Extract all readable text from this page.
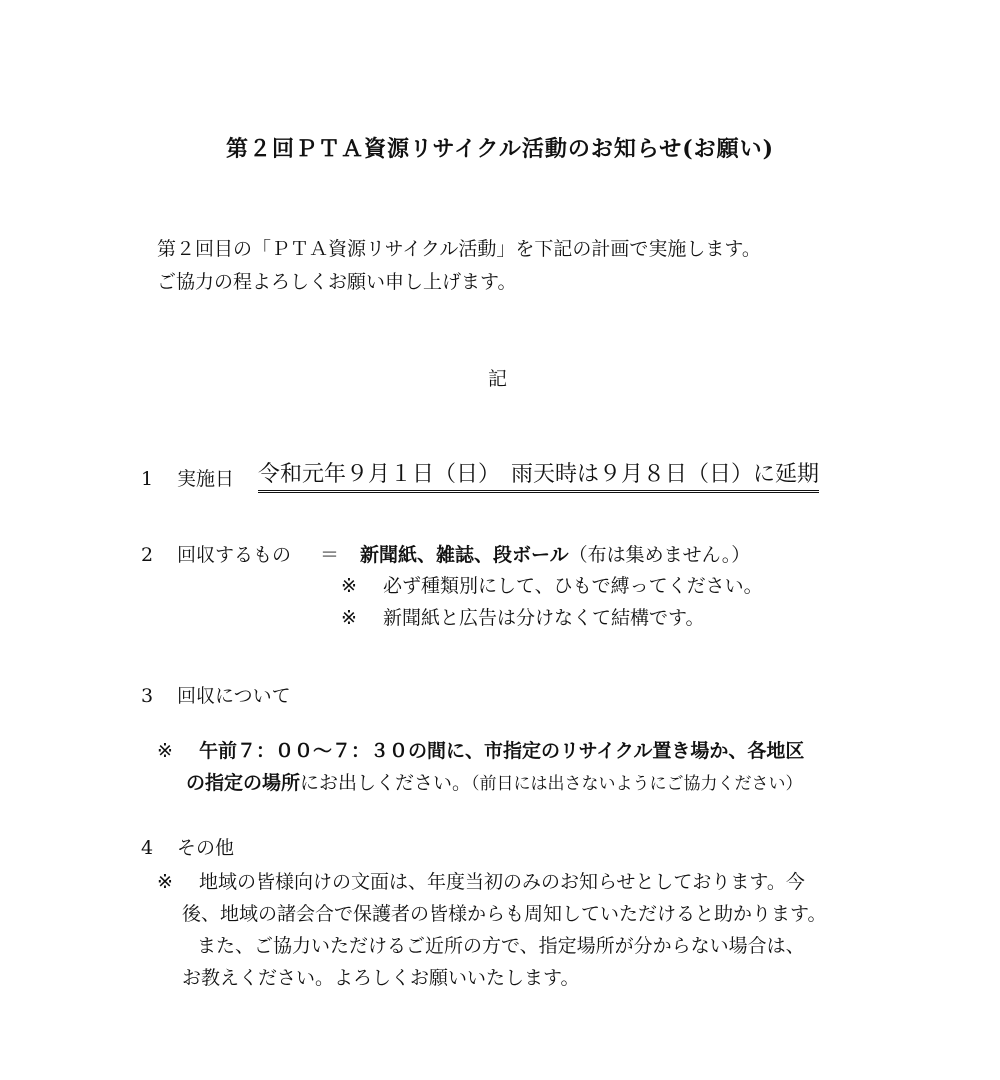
第２回ＰＴＡ資源リサイクル活動のお知らせ(お願い)
第２回目の「ＰＴＡ資源リサイクル活動」を下記の計画で実施します。
ご協力の程よろしくお願い申し上げます。
記
1 実施日 令和元年９月１日（日）　雨天時は９月８日（日）に延期
2 回収するもの ＝ 新聞紙、雑誌、段ボール（布は集めません。）
※ 必ず種類別にして、ひもで縛ってください。
※ 新聞紙と広告は分けなくて結構です。
3 回収について
※ 午前７：００～７：３０の間に、市指定のリサイクル置き場か、各地区
の指定の場所にお出しください。（前日には出さないようにご協力ください）
4 その他
※ 地域の皆様向けの文面は、年度当初のみのお知らせとしております。今
後、地域の諸会合で保護者の皆様からも周知していただけると助かります。
また、ご協力いただけるご近所の方で、指定場所が分からない場合は、
お教えください。よろしくお願いいたします。
